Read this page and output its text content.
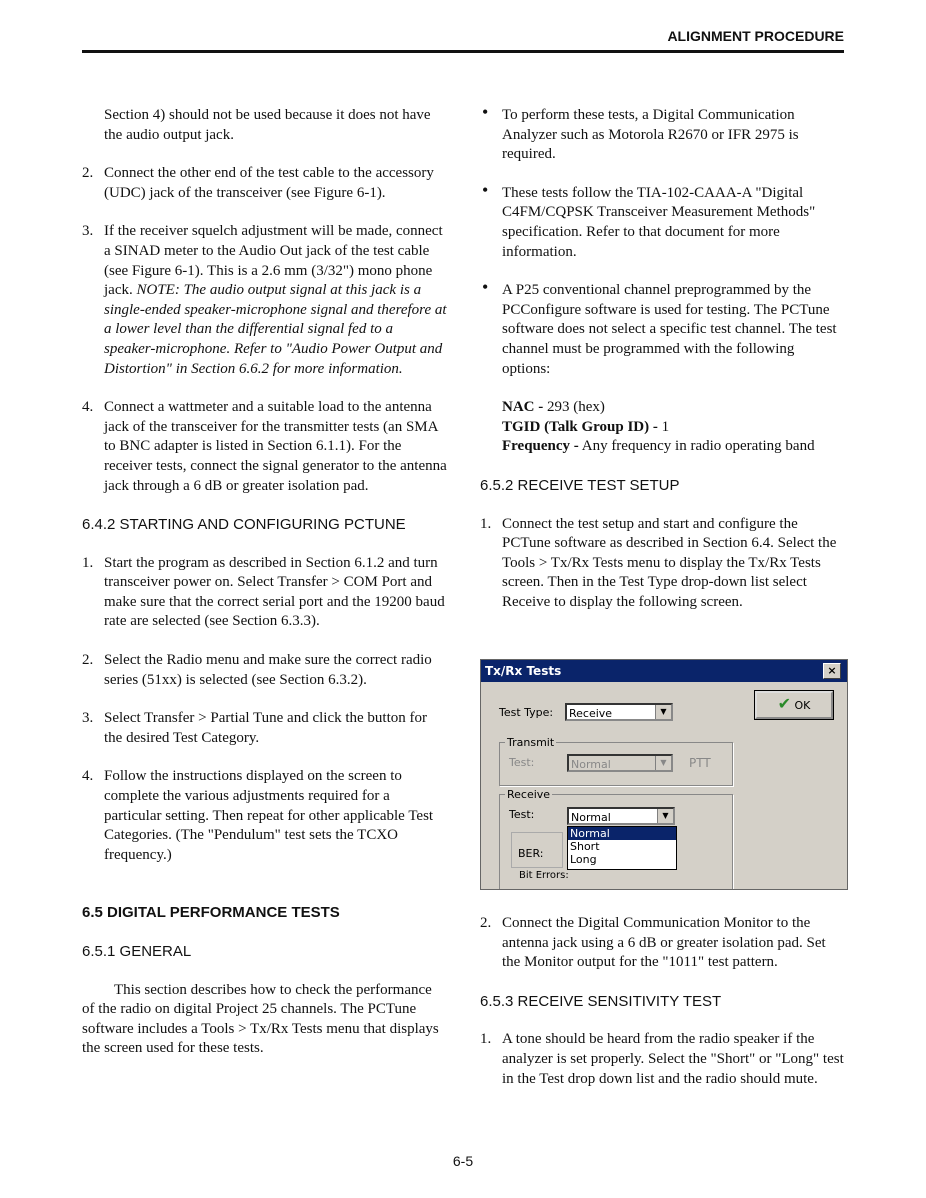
ALIGNMENT PROCEDURE

Section 4) should not be used because it does not have the audio output jack.

2. Connect the other end of the test cable to the accessory (UDC) jack of the transceiver (see Figure 6-1).

3. If the receiver squelch adjustment will be made, connect a SINAD meter to the Audio Out jack of the test cable (see Figure 6-1). This is a 2.6 mm (3/32") mono phone jack. NOTE: The audio output signal at this jack is a single-ended speaker-microphone signal and therefore at a lower level than the differential signal fed to a speaker-microphone. Refer to "Audio Power Output and Distortion" in Section 6.6.2 for more information.

4. Connect a wattmeter and a suitable load to the antenna jack of the transceiver for the transmitter tests (an SMA to BNC adapter is listed in Section 6.1.1). For the receiver tests, connect the signal generator to the antenna jack through a 6 dB or greater isolation pad.

6.4.2 STARTING AND CONFIGURING PCTUNE
1. Start the program as described in Section 6.1.2 and turn transceiver power on. Select Transfer > COM Port and make sure that the correct serial port and the 19200 baud rate are selected (see Section 6.3.3).

2. Select the Radio menu and make sure the correct radio series (51xx) is selected (see Section 6.3.2).

3. Select Transfer > Partial Tune and click the button for the desired Test Category.

4. Follow the instructions displayed on the screen to complete the various adjustments required for a particular setting. Then repeat for other applicable Test Categories. (The "Pendulum" test sets the TCXO frequency.)

6.5 DIGITAL PERFORMANCE TESTS
6.5.1 GENERAL

This section describes how to check the performance of the radio on digital Project 25 channels. The PCTune software includes a Tools > Tx/Rx Tests menu that displays the screen used for these tests.

• To perform these tests, a Digital Communication Analyzer such as Motorola R2670 or IFR 2975 is required.

• These tests follow the TIA-102-CAAA-A "Digital C4FM/CQPSK Transceiver Measurement Methods" specification. Refer to that document for more information.

• A P25 conventional channel preprogrammed by the PCConfigure software is used for testing. The PCTune software does not select a specific test channel. The test channel must be programmed with the following options:

NAC - 293 (hex)
TGID (Talk Group ID) - 1
Frequency - Any frequency in radio operating band
6.5.2 RECEIVE TEST SETUP
1. Connect the test setup and start and configure the PCTune software as described in Section 6.4. Select the Tools > Tx/Rx Tests menu to display the Tx/Rx Tests screen. Then in the Test Type drop-down list select Receive to display the following screen.

Tx/Rx Tests	×
Test Type:	Receive	▼	✔ OK
Transmit
Test:	Normal	▼	PTT
Receive
Test:	Normal	▼
Normal
Short
Long
BER:
Bit Errors:
2. Connect the Digital Communication Monitor to the antenna jack using a 6 dB or greater isolation pad. Set the Monitor output for the "1011" test pattern.

6.5.3 RECEIVE SENSITIVITY TEST
1. A tone should be heard from the radio speaker if the analyzer is set properly. Select the "Short" or "Long" test in the Test drop down list and the radio should mute.

6-5
